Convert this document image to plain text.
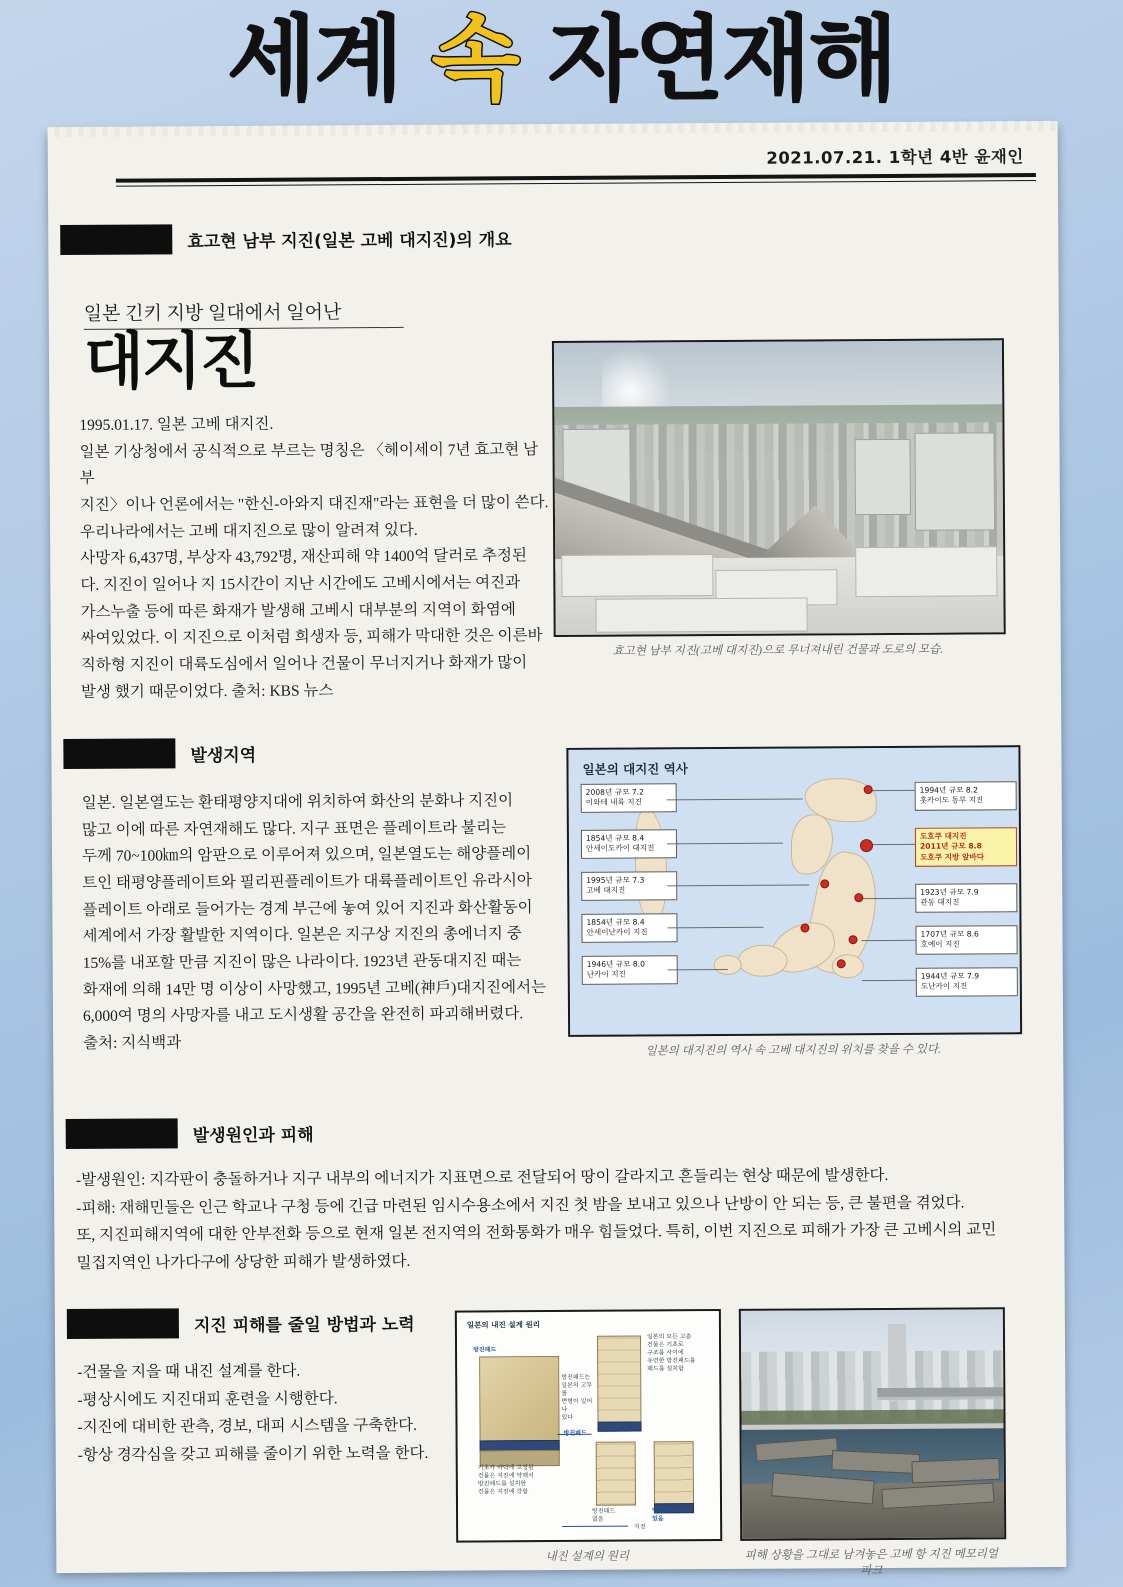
세계 속 자연재해
2021.07.21. 1학년 4반 윤재인
효고현 남부 지진(일본 고베 대지진)의 개요
일본 긴키 지방 일대에서 일어난
대지진
1995.01.17. 일본 고베 대지진.
일본 기상청에서 공식적으로 부르는 명칭은 〈헤이세이 7년 효고현 남부
지진〉이나 언론에서는 "한신-아와지 대진재"라는 표현을 더 많이 쓴다.
우리나라에서는 고베 대지진으로 많이 알려져 있다.
사망자 6,437명, 부상자 43,792명, 재산피해 약 1400억 달러로 추정된
다. 지진이 일어나 지 15시간이 지난 시간에도 고베시에서는 여진과
가스누출 등에 따른 화재가 발생해 고베시 대부분의 지역이 화염에
싸여있었다. 이 지진으로 이처럼 희생자 등, 피해가 막대한 것은 이른바
직하형 지진이 대륙도심에서 일어나 건물이 무너지거나 화재가 많이
발생 했기 때문이었다. 출처: KBS 뉴스
효고현 남부 지진(고베 대지진)으로 무너져내린 건물과 도로의 모습.
발생지역
일본. 일본열도는 환태평양지대에 위치하여 화산의 분화나 지진이
많고 이에 따른 자연재해도 많다. 지구 표면은 플레이트라 불리는
두께 70~100㎞의 암판으로 이루어져 있으며, 일본열도는 해양플레이
트인 태평양플레이트와 필리핀플레이트가 대륙플레이트인 유라시아
플레이트 아래로 들어가는 경계 부근에 놓여 있어 지진과 화산활동이
세계에서 가장 활발한 지역이다. 일본은 지구상 지진의 총에너지 중
15%를 내포할 만큼 지진이 많은 나라이다. 1923년 관동대지진 때는
화재에 의해 14만 명 이상이 사망했고, 1995년 고베(神戶)대지진에서는
6,000여 명의 사망자를 내고 도시생활 공간을 완전히 파괴해버렸다.
출처: 지식백과
일본의 대지진 역사
2008년 규모 7.2
이와테 내륙 지진
1854년 규모 8.4
안세이도카이 대지진
1995년 규모 7.3
고베 대지진
1854년 규모 8.4
안세이난카이 지진
1946년 규모 8.0
난카이 지진
1994년 규모 8.2
홋카이도 동부 지진
도호쿠 대지진
2011년 규모 8.8
도호쿠 지방 앞바다
1923년 규모 7.9
관동 대지진
1707년 규모 8.6
호에이 지진
1944년 규모 7.9
도난카이 지진
일본의 대지진의 역사 속 고베 대지진의 위치를 찾을 수 있다.
발생원인과 피해
-발생원인: 지각판이 충돌하거나 지구 내부의 에너지가 지표면으로 전달되어 땅이 갈라지고 흔들리는 현상 때문에 발생한다.
-피해: 재해민들은 인근 학교나 구청 등에 긴급 마련된 임시수용소에서 지진 첫 밤을 보내고 있으나 난방이 안 되는 등, 큰 불편을 겪었다.
또, 지진피해지역에 대한 안부전화 등으로 현재 일본 전지역의 전화통화가 매우 힘들었다. 특히, 이번 지진으로 피해가 가장 큰 고베시의 교민
밀집지역인 나가다구에 상당한 피해가 발생하였다.
지진 피해를 줄일 방법과 노력
-건물을 지을 때 내진 설계를 한다.
-평상시에도 지진대피 훈련을 시행한다.
-지진에 대비한 관측, 경보, 대피 시스템을 구축한다.
-항상 경각심을 갖고 피해를 줄이기 위한 노력을 한다.
일본의 내진 설계 원리
방진패드
일본의 모든 고층
건물은 기초로
구조를 사이에
유연한 방진패드를
패드를 설치함
방진패드는
일본의 고무를
변형이 일어나
있다
방진패드
없음
방진패드
있음
기초가 바닥에 고정된
건물은 지진에 약해서
방진패드를 설치한
건물은 지진에 강함
지진
내진 설계의 원리	피해 상황을 그대로 남겨놓은 고베 항 지진 메모리얼 파크
